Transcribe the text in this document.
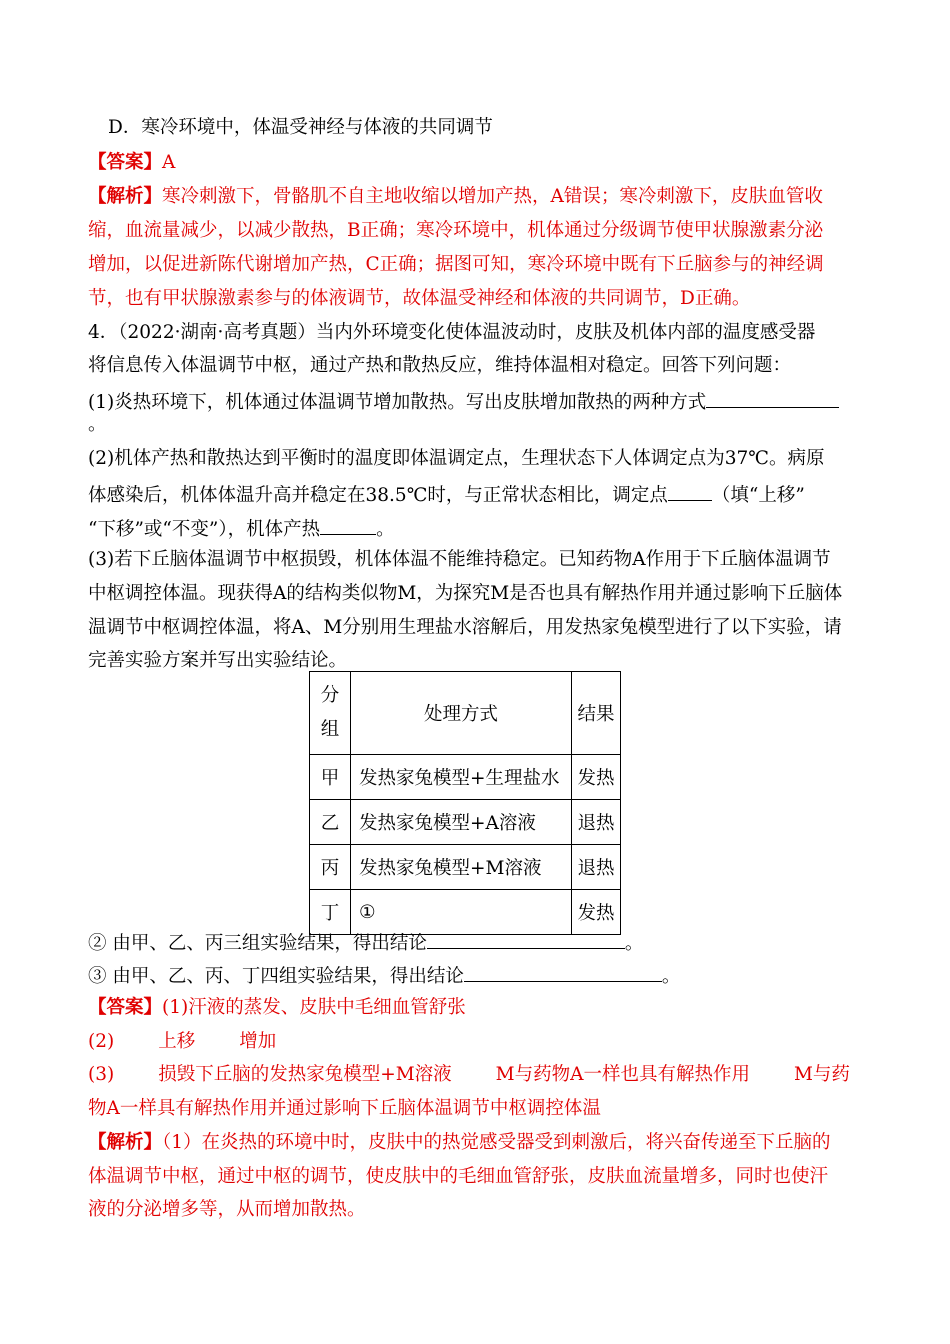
D．寒冷环境中，体温受神经与体液的共同调节
【答案】A
【解析】寒冷刺激下，骨骼肌不自主地收缩以增加产热，A错误；寒冷刺激下，皮肤血管收
缩，血流量减少，以减少散热，B正确；寒冷环境中，机体通过分级调节使甲状腺激素分泌
增加，以促进新陈代谢增加产热，C正确；据图可知，寒冷环境中既有下丘脑参与的神经调
节，也有甲状腺激素参与的体液调节，故体温受神经和体液的共同调节，D正确。
4．（2022·湖南·高考真题）当内外环境变化使体温波动时，皮肤及机体内部的温度感受器
将信息传入体温调节中枢，通过产热和散热反应，维持体温相对稳定。回答下列问题：
(1)炎热环境下，机体通过体温调节增加散热。写出皮肤增加散热的两种方式
。
(2)机体产热和散热达到平衡时的温度即体温调定点，生理状态下人体调定点为37℃。病原
体感染后，机体体温升高并稳定在38.5℃时，与正常状态相比，调定点 （填“上移”
“下移”或“不变”），机体产热	。
(3)若下丘脑体温调节中枢损毁，机体体温不能维持稳定。已知药物A作用于下丘脑体温调节
中枢调控体温。现获得A的结构类似物M，为探究M是否也具有解热作用并通过影响下丘脑体
温调节中枢调控体温，将A、M分别用生理盐水溶解后，用发热家兔模型进行了以下实验，请
完善实验方案并写出实验结论。
分组	处理方式	结果
甲	发热家兔模型+生理盐水	发热
乙	发热家兔模型+A溶液	退热
丙	发热家兔模型+M溶液	退热
丁	①	发热
② 由甲、乙、丙三组实验结果，得出结论	。
③ 由甲、乙、丙、丁四组实验结果，得出结论	。
【答案】(1)汗液的蒸发、皮肤中毛细血管舒张
(2) 上移 增加
(3) 损毁下丘脑的发热家兔模型+M溶液 M与药物A一样也具有解热作用 M与药
物A一样具有解热作用并通过影响下丘脑体温调节中枢调控体温
【解析】（1）在炎热的环境中时，皮肤中的热觉感受器受到刺激后，将兴奋传递至下丘脑的
体温调节中枢，通过中枢的调节，使皮肤中的毛细血管舒张，皮肤血流量增多，同时也使汗
液的分泌增多等，从而增加散热。
